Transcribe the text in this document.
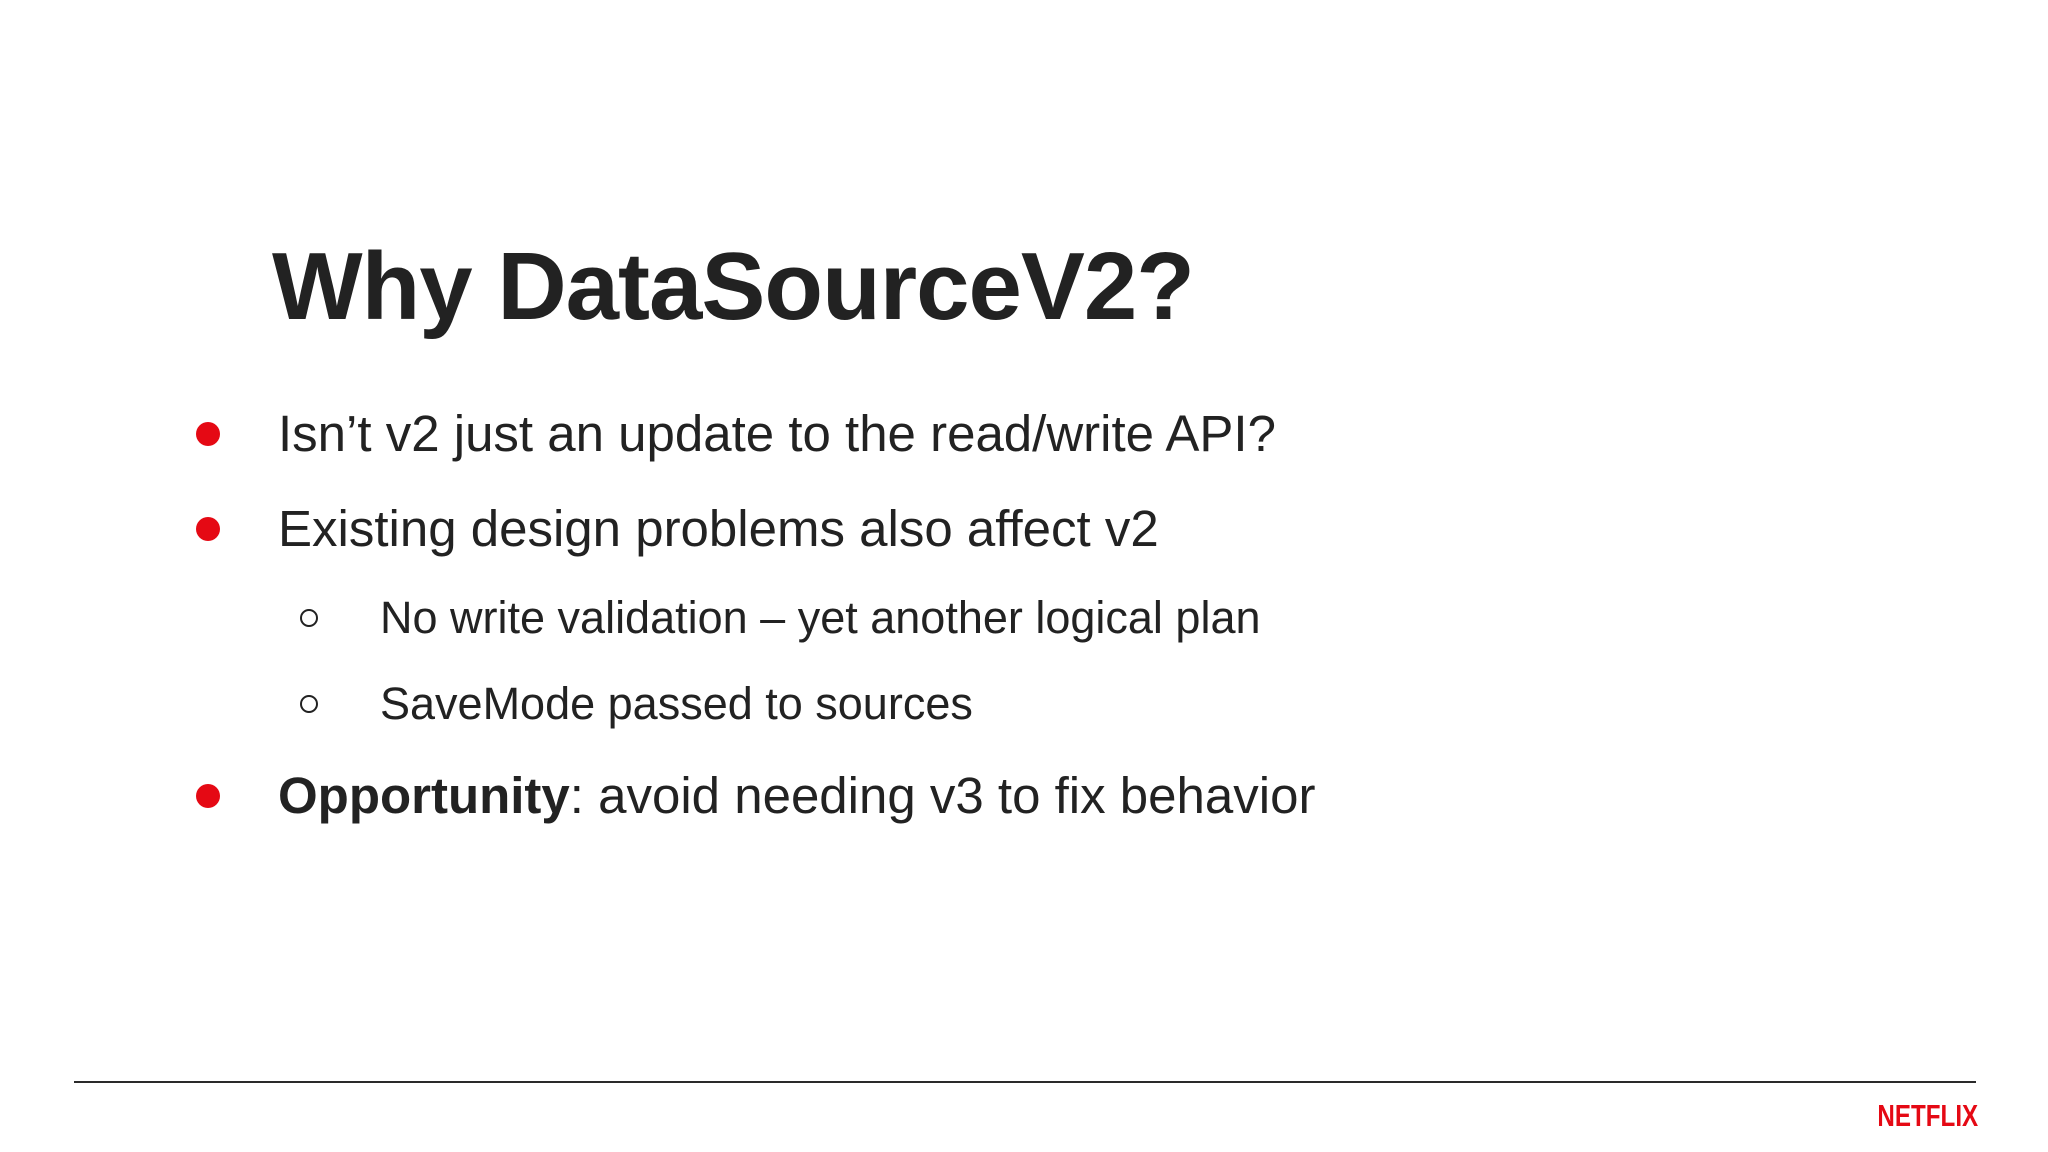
Why DataSourceV2?
Isn’t v2 just an update to the read/write API?
Existing design problems also affect v2
No write validation – yet another logical plan
SaveMode passed to sources
Opportunity: avoid needing v3 to fix behavior
NETFLIX
